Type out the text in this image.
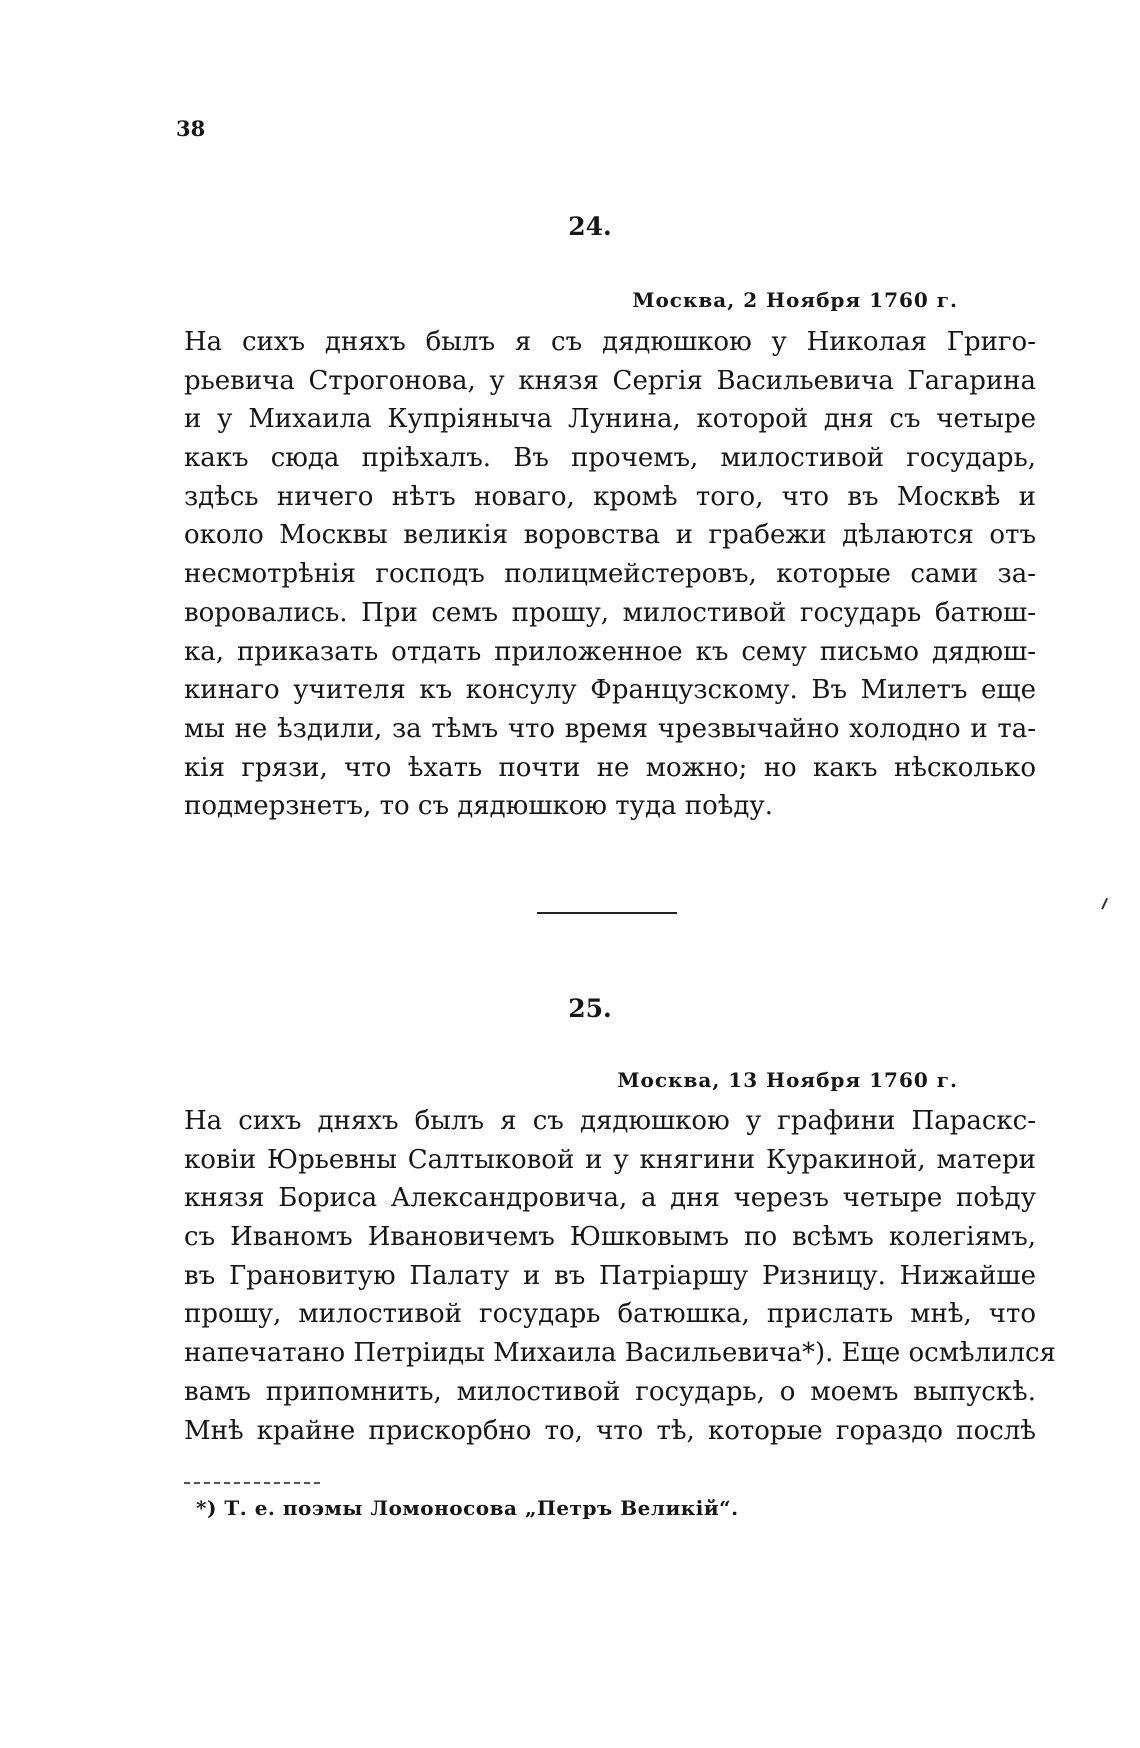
38
24.
Москва, 2 Ноября 1760 г.
На сихъ дняхъ былъ я съ дядюшкою у Николая Григо-
рьевича Строгонова, у князя Сергія Васильевича Гагарина
и у Михаила Купріяныча Лунина, которой дня съ четыре
какъ сюда пріѣхалъ. Въ прочемъ, милостивой государь,
здѣсь ничего нѣтъ новаго, кромѣ того, что въ Москвѣ и
около Москвы великія воровства и грабежи дѣлаются отъ
несмотрѣнія господъ полицмейстеровъ, которые сами за-
воровались. При семъ прошу, милостивой государь батюш-
ка, приказать отдать приложенное къ сему письмо дядюш-
кинаго учителя къ консулу Французскому. Въ Милетъ еще
мы не ѣздили, за тѣмъ что время чрезвычайно холодно и та-
кія грязи, что ѣхать почти не можно; но какъ нѣсколько
подмерзнетъ, то съ дядюшкою туда поѣду.
25.
Москва, 13 Ноября 1760 г.
На сихъ дняхъ былъ я съ дядюшкою у графини Параскс-
ковіи Юрьевны Салтыковой и у княгини Куракиной, матери
князя Бориса Александровича, а дня черезъ четыре поѣду
съ Иваномъ Ивановичемъ Юшковымъ по всѣмъ колегіямъ,
въ Грановитую Палату и въ Патріаршу Ризницу. Нижайше
прошу, милостивой государь батюшка, прислать мнѣ, что
напечатано Петріиды Михаила Васильевича*). Еще осмѣлился
вамъ припомнить, милостивой государь, о моемъ выпускѣ.
Мнѣ крайне прискорбно то, что тѣ, которые гораздо послѣ
*) Т. е. поэмы Ломоносова „Петръ Великій“.
